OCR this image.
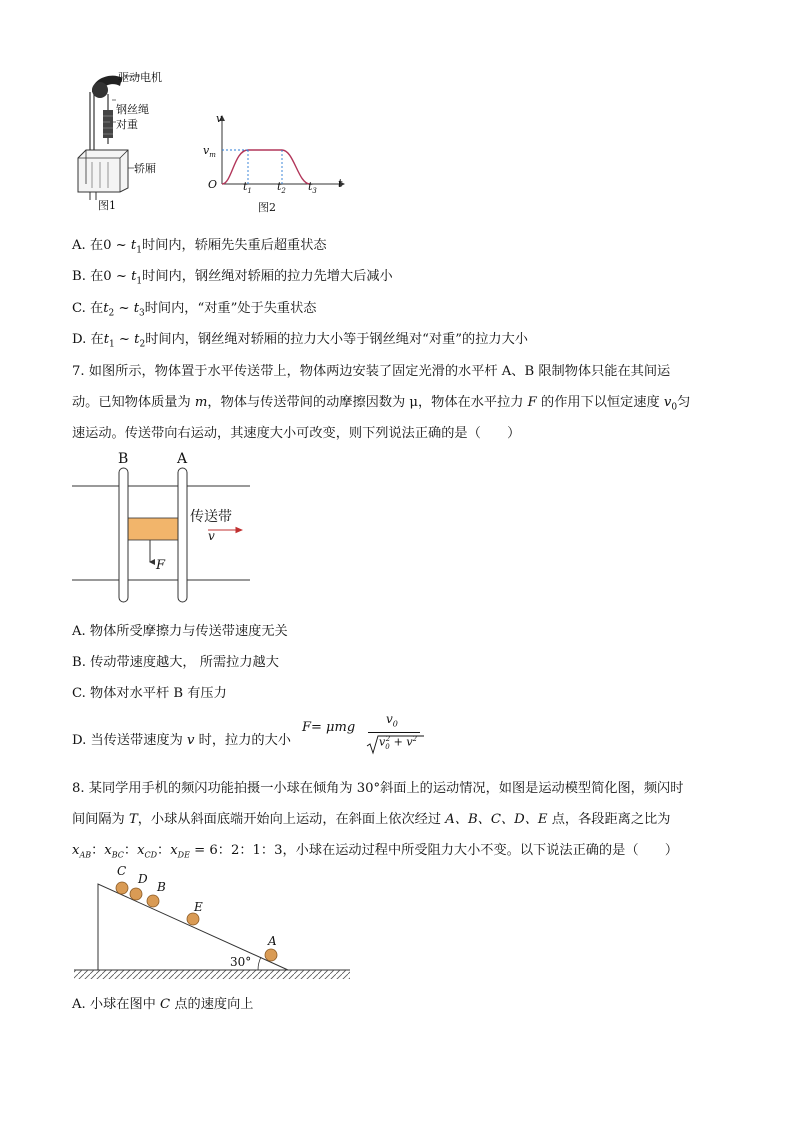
驱动电机
钢丝绳
对重
轿厢
图1
v
$v_m$
O $t_1$ $t_2$ $t_3$
t
图2
A. 在0 ~ $t_1$时间内，轿厢先失重后超重状态
B. 在0 ~ $t_1$时间内，钢丝绳对轿厢的拉力先增大后减小
C. 在$t_2$ ~ $t_3$时间内，“对重”处于失重状态
D. 在$t_1$ ~ $t_2$时间内，钢丝绳对轿厢的拉力大小等于钢丝绳对“对重”的拉力大小
7. 如图所示，物体置于水平传送带上，物体两边安装了固定光滑的水平杆 A、B 限制物体只能在其间运
动。已知物体质量为 m，物体与传送带间的动摩擦因数为 μ，物体在水平拉力 F 的作用下以恒定速度 $v_0$匀
速运动。传送带向右运动，其速度大小可改变，则下列说法正确的是（　　）
B	A
传送带
v
F
A. 物体所受摩擦力与传送带速度无关
B. 传动带速度越大， 所需拉力越大
C. 物体对水平杆 B 有压力
D. 当传送带速度为 v 时，拉力的大小
F= μmg
$v_0$
$v_0^2 + v^2$
8. 某同学用手机的频闪功能拍摄一小球在倾角为 30°斜面上的运动情况，如图是运动模型简化图，频闪时
间间隔为 T，小球从斜面底端开始向上运动，在斜面上依次经过 A、B、C、D、E 点，各段距离之比为
$x_{AB}$：$x_{BC}$：$x_{CD}$：$x_{DE} = 6$：2：1：3，小球在运动过程中所受阻力大小不变。以下说法正确的是（　　）
C
D
B
E
A
30°
A. 小球在图中 C 点的速度向上
